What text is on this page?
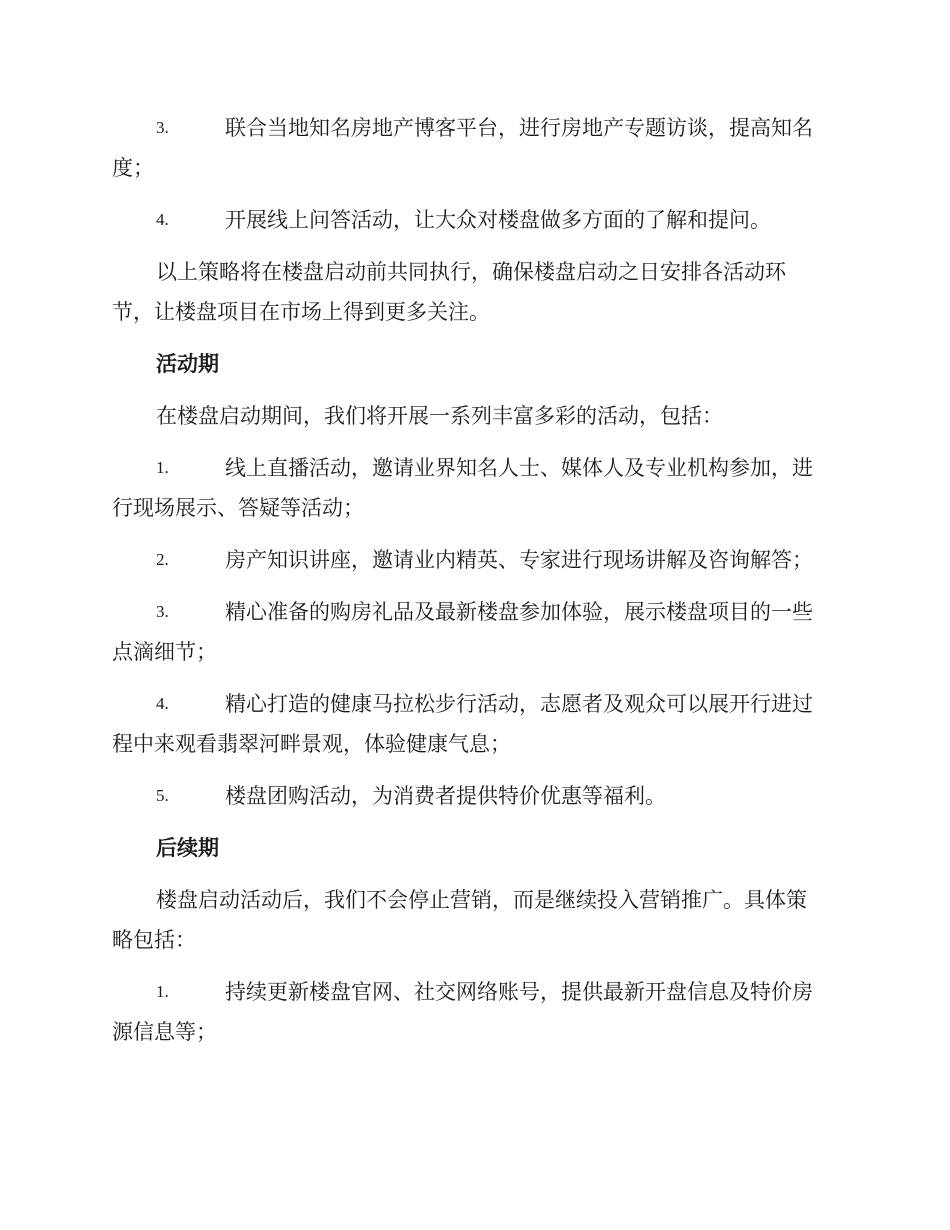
3.	联合当地知名房地产博客平台，进行房地产专题访谈，提高知名

度；

4.	开展线上问答活动，让大众对楼盘做多方面的了解和提问。

以上策略将在楼盘启动前共同执行，确保楼盘启动之日安排各活动环

节，让楼盘项目在市场上得到更多关注。

活动期

在楼盘启动期间，我们将开展一系列丰富多彩的活动，包括：

1.	线上直播活动，邀请业界知名人士、媒体人及专业机构参加，进

行现场展示、答疑等活动；

2.	房产知识讲座，邀请业内精英、专家进行现场讲解及咨询解答；

3.	精心准备的购房礼品及最新楼盘参加体验，展示楼盘项目的一些

点滴细节；

4.	精心打造的健康马拉松步行活动，志愿者及观众可以展开行进过

程中来观看翡翠河畔景观，体验健康气息；

5.	楼盘团购活动，为消费者提供特价优惠等福利。

后续期

楼盘启动活动后，我们不会停止营销，而是继续投入营销推广。具体策

略包括：

1.	持续更新楼盘官网、社交网络账号，提供最新开盘信息及特价房

源信息等；
